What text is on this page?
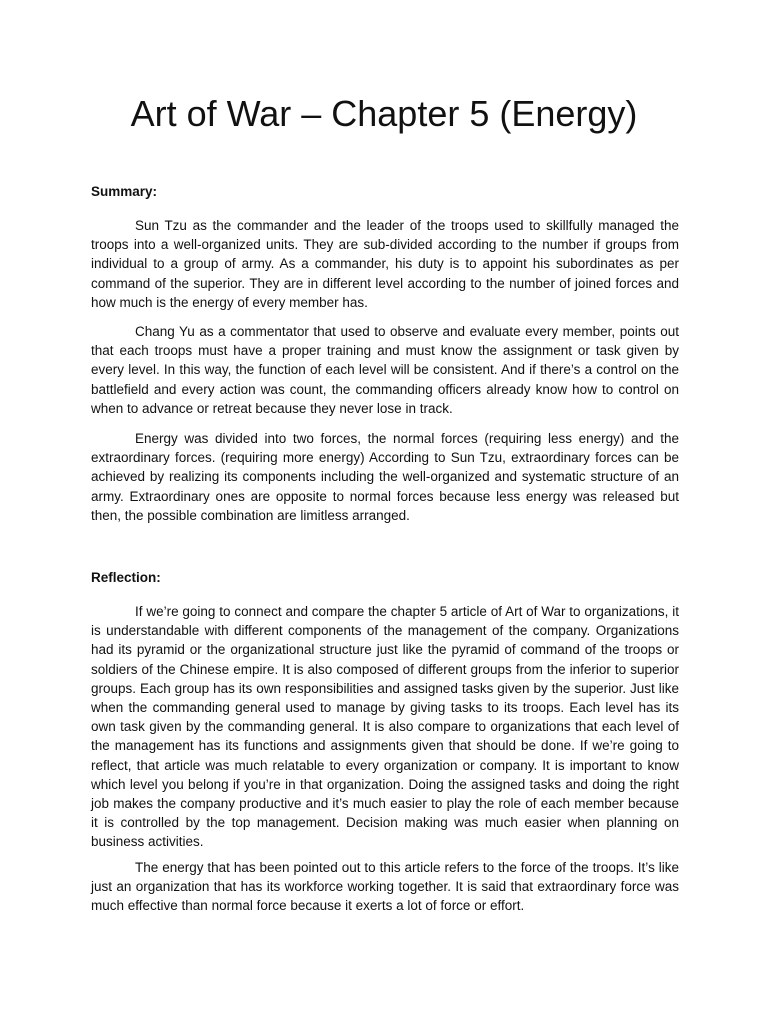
Art of War – Chapter 5 (Energy)
Summary:

Sun Tzu as the commander and the leader of the troops used to skillfully managed the troops into a well-organized units. They are sub-divided according to the number if groups from individual to a group of army. As a commander, his duty is to appoint his subordinates as per command of the superior. They are in different level according to the number of joined forces and how much is the energy of every member has.

Chang Yu as a commentator that used to observe and evaluate every member, points out that each troops must have a proper training and must know the assignment or task given by every level. In this way, the function of each level will be consistent. And if there’s a control on the battlefield and every action was count, the commanding officers already know how to control on when to advance or retreat because they never lose in track.

Energy was divided into two forces, the normal forces (requiring less energy) and the extraordinary forces. (requiring more energy) According to Sun Tzu, extraordinary forces can be achieved by realizing its components including the well-organized and systematic structure of an army. Extraordinary ones are opposite to normal forces because less energy was released but then, the possible combination are limitless arranged.

Reflection:

If we’re going to connect and compare the chapter 5 article of Art of War to organizations, it is understandable with different components of the management of the company. Organizations had its pyramid or the organizational structure just like the pyramid of command of the troops or soldiers of the Chinese empire. It is also composed of different groups from the inferior to superior groups. Each group has its own responsibilities and assigned tasks given by the superior. Just like when the commanding general used to manage by giving tasks to its troops. Each level has its own task given by the commanding general. It is also compare to organizations that each level of the management has its functions and assignments given that should be done. If we’re going to reflect, that article was much relatable to every organization or company. It is important to know which level you belong if you’re in that organization. Doing the assigned tasks and doing the right job makes the company productive and it’s much easier to play the role of each member because it is controlled by the top management. Decision making was much easier when planning on business activities.

The energy that has been pointed out to this article refers to the force of the troops. It’s like just an organization that has its workforce working together. It is said that extraordinary force was much effective than normal force because it exerts a lot of force or effort.
